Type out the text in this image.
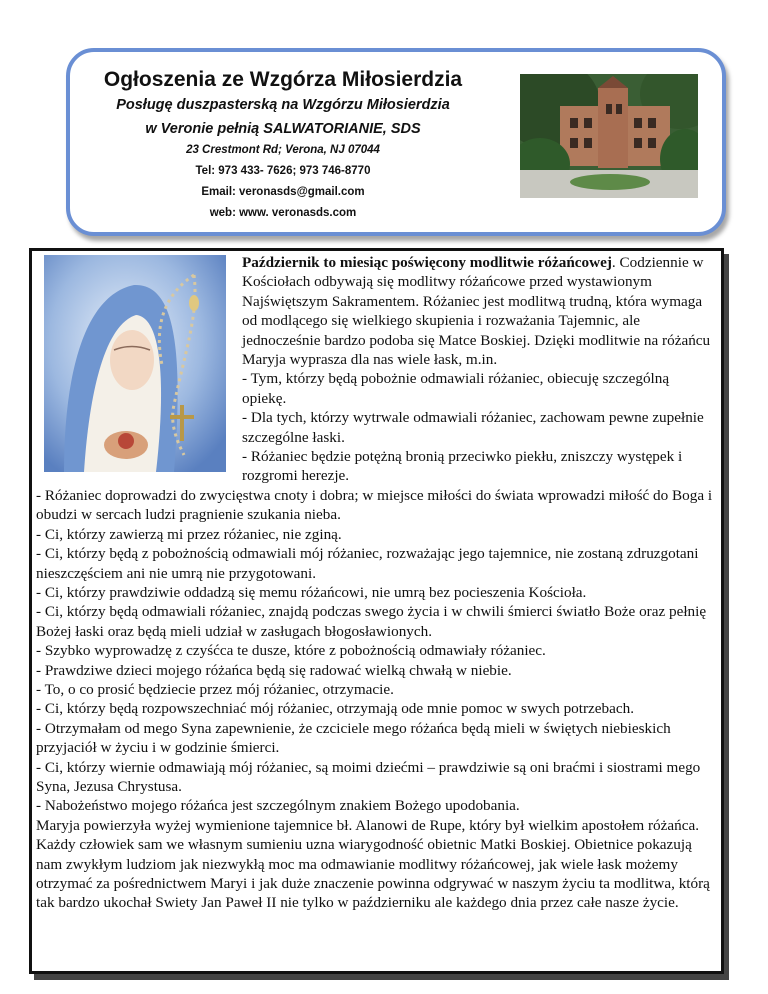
Ogłoszenia ze Wzgórza Miłosierdzia
Posługę duszpasterską na Wzgórzu Miłosierdzia
w Veronie pełnią SALWATORIANIE, SDS
23 Crestmont Rd; Verona, NJ 07044
Tel: 973 433- 7626; 973 746-8770
Email: veronasds@gmail.com
web: www. veronasds.com

Październik to miesiąc poświęcony modlitwie różańcowej. Codziennie w Kościołach odbywają się modlitwy różańcowe przed wystawionym Najświętszym Sakramentem. Różaniec jest modlitwą trudną, która wymaga od modlącego się wielkiego skupienia i rozważania Tajemnic, ale jednocześnie bardzo podoba się Matce Boskiej. Dzięki modlitwie na różańcu Maryja wyprasza dla nas wiele łask, m.in.

- Tym, którzy będą pobożnie odmawiali różaniec, obiecuję szczególną opiekę.

- Dla tych, którzy wytrwale odmawiali różaniec, zachowam pewne zupełnie szczególne łaski.

- Różaniec będzie potężną bronią przeciwko piekłu, zniszczy występek i rozgromi herezje.

- Różaniec doprowadzi do zwycięstwa cnoty i dobra; w miejsce miłości do świata wprowadzi miłość do Boga i obudzi w sercach ludzi pragnienie szukania nieba.

- Ci, którzy zawierzą mi przez różaniec, nie zginą.

- Ci, którzy będą z pobożnością odmawiali mój różaniec, rozważając jego tajemnice, nie zostaną zdruzgotani nieszczęściem ani nie umrą nie przygotowani.

- Ci, którzy prawdziwie oddadzą się memu różańcowi, nie umrą bez pocieszenia Kościoła.

- Ci, którzy będą odmawiali różaniec, znajdą podczas swego życia i w chwili śmierci światło Boże oraz pełnię Bożej łaski oraz będą mieli udział w zasługach błogosławionych.

- Szybko wyprowadzę z czyśćca te dusze, które z pobożnością odmawiały różaniec.

- Prawdziwe dzieci mojego różańca będą się radować wielką chwałą w niebie.

- To, o co prosić będziecie przez mój różaniec, otrzymacie.

- Ci, którzy będą rozpowszechniać mój różaniec, otrzymają ode mnie pomoc w swych potrzebach.

- Otrzymałam od mego Syna zapewnienie, że czciciele mego różańca będą mieli w świętych niebieskich przyjaciół w życiu i w godzinie śmierci.

- Ci, którzy wiernie odmawiają mój różaniec, są moimi dziećmi – prawdziwie są oni braćmi i siostrami mego Syna, Jezusa Chrystusa.

- Nabożeństwo mojego różańca jest szczególnym znakiem Bożego upodobania.

Maryja powierzyła wyżej wymienione tajemnice bł. Alanowi de Rupe, który był wielkim apostołem różańca.

Każdy człowiek sam we własnym sumieniu uzna wiarygodność obietnic Matki Boskiej. Obietnice pokazują nam zwykłym ludziom jak niezwykłą moc ma odmawianie modlitwy różańcowej, jak wiele łask możemy otrzymać za pośrednictwem Maryi i jak duże znaczenie powinna odgrywać w naszym życiu ta modlitwa, którą tak bardzo ukochał Swiety Jan Paweł II nie tylko w październiku ale każdego dnia przez całe nasze życie.
